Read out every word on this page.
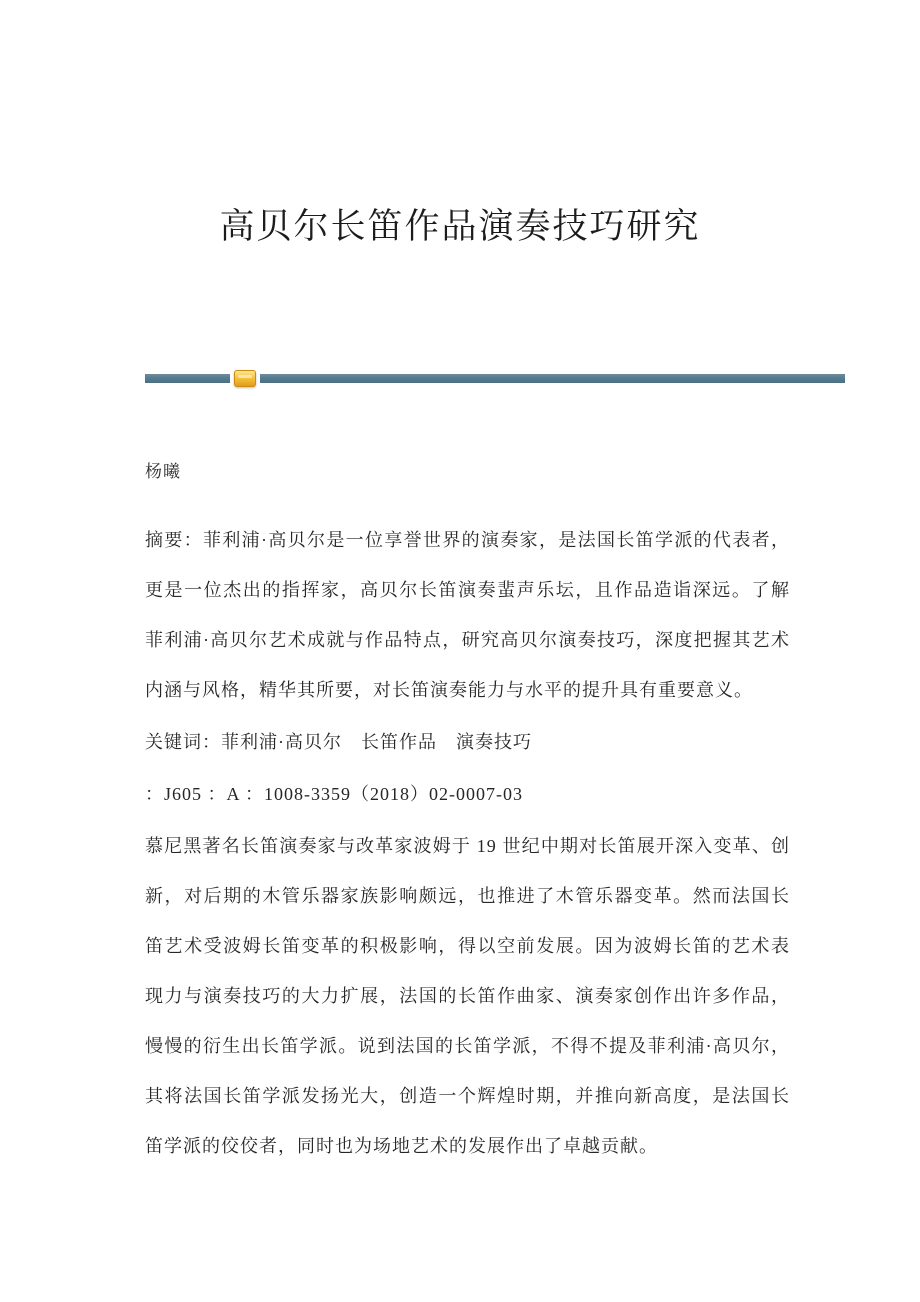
高贝尔长笛作品演奏技巧研究

杨曦

摘要：菲利浦·高贝尔是一位享誉世界的演奏家，是法国长笛学派的代表者，更是一位杰出的指挥家，高贝尔长笛演奏蜚声乐坛，且作品造诣深远。了解菲利浦·高贝尔艺术成就与作品特点，研究高贝尔演奏技巧，深度把握其艺术内涵与风格，精华其所要，对长笛演奏能力与水平的提升具有重要意义。

关键词：菲利浦·高贝尔　长笛作品　演奏技巧

：J605 ：A ：1008-3359（2018）02-0007-03

慕尼黑著名长笛演奏家与改革家波姆于 19 世纪中期对长笛展开深入变革、创新，对后期的木管乐器家族影响颇远，也推进了木管乐器变革。然而法国长笛艺术受波姆长笛变革的积极影响，得以空前发展。因为波姆长笛的艺术表现力与演奏技巧的大力扩展，法国的长笛作曲家、演奏家创作出许多作品，慢慢的衍生出长笛学派。说到法国的长笛学派，不得不提及菲利浦·高贝尔，其将法国长笛学派发扬光大，创造一个辉煌时期，并推向新高度，是法国长笛学派的佼佼者，同时也为场地艺术的发展作出了卓越贡献。
